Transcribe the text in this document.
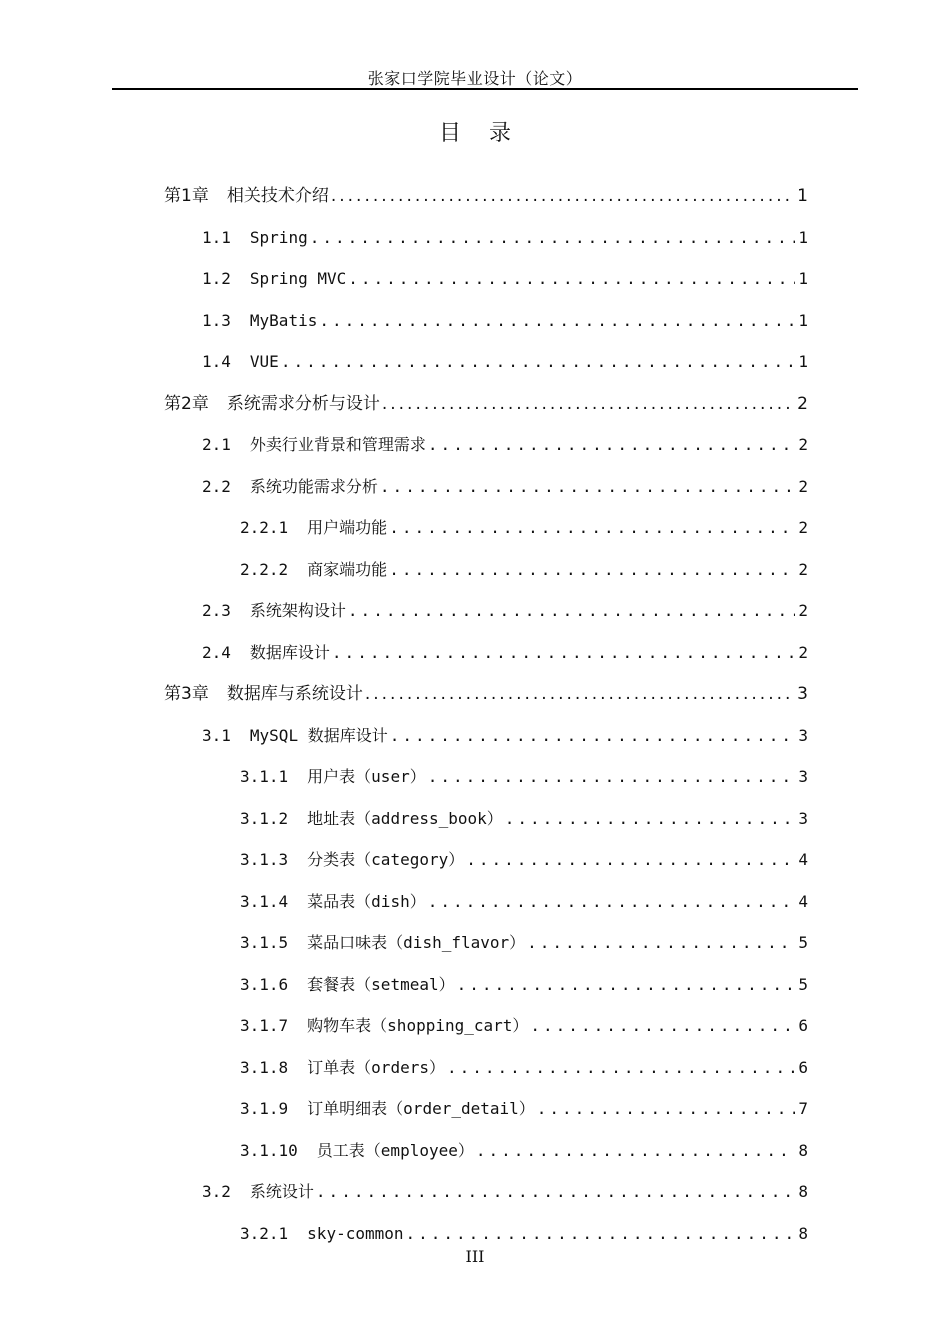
张家口学院毕业设计（论文）
目    录
第1章 相关技术介绍 .....	1
1.1 Spring .....	1
1.2 Spring MVC .....	1
1.3 MyBatis .....	1
1.4 VUE .....	1
第2章 系统需求分析与设计 .....	2
2.1 外卖行业背景和管理需求 .....	2
2.2 系统功能需求分析 .....	2
2.2.1 用户端功能 .....	2
2.2.2 商家端功能 .....	2
2.3 系统架构设计 .....	2
2.4 数据库设计 .....	2
第3章 数据库与系统设计 .....	3
3.1 MySQL 数据库设计 .....	3
3.1.1 用户表（user） .....	3
3.1.2 地址表（address_book） .....	3
3.1.3 分类表（category） .....	4
3.1.4 菜品表（dish） .....	4
3.1.5 菜品口味表（dish_flavor） .....	5
3.1.6 套餐表（setmeal） .....	5
3.1.7 购物车表（shopping_cart） .....	6
3.1.8 订单表（orders） .....	6
3.1.9 订单明细表（order_detail） .....	7
3.1.10 员工表（employee） .....	8
3.2 系统设计 .....	8
3.2.1 sky-common .....	8
III
